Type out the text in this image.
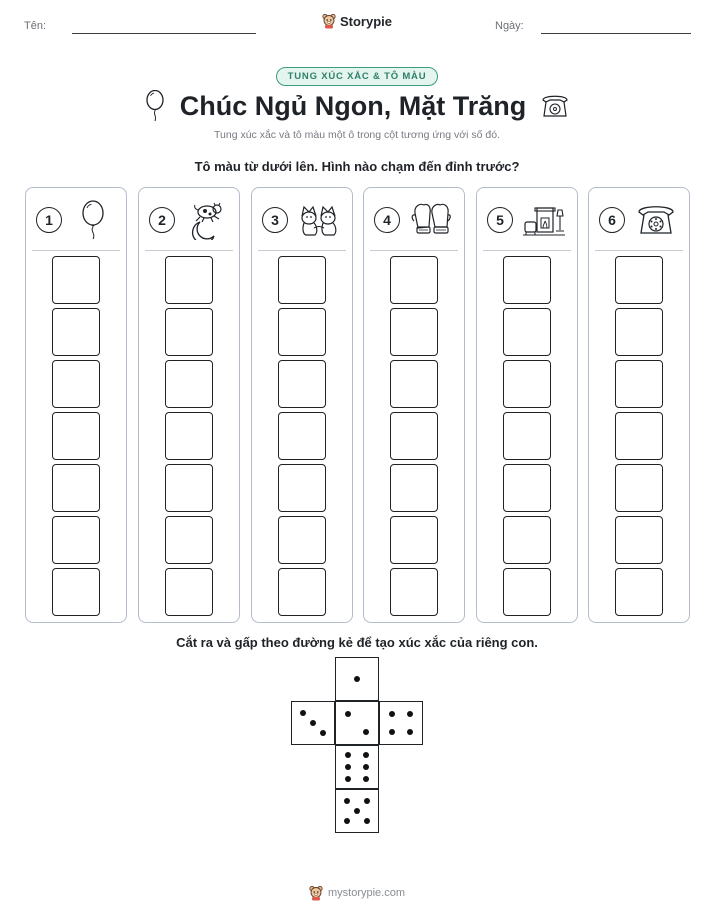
Tên:	Storypie	Ngày:
TUNG XÚC XẮC & TÔ MÀU
Chúc Ngủ Ngon, Mặt Trăng
Tung xúc xắc và tô màu một ô trong cột tương ứng với số đó.
Tô màu từ dưới lên. Hình nào chạm đến đỉnh trước?
1	2	3	4	5	6
Cắt ra và gấp theo đường kẻ để tạo xúc xắc của riêng con.
mystorypie.com
